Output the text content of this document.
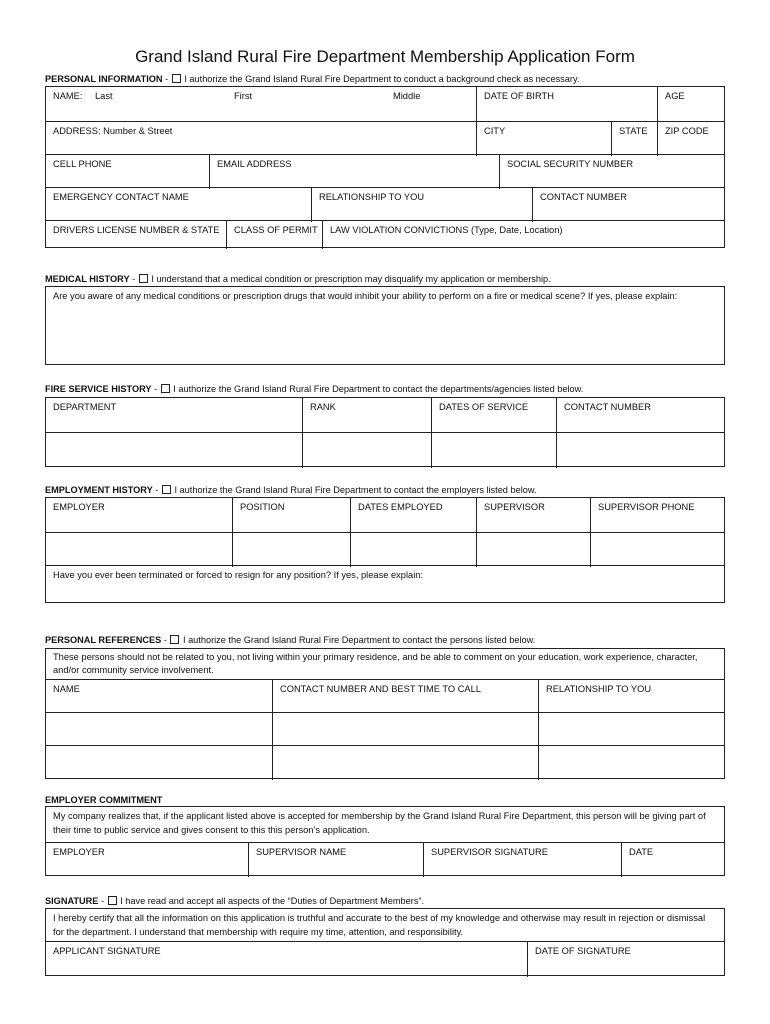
Grand Island Rural Fire Department Membership Application Form
PERSONAL INFORMATION -  I authorize the Grand Island Rural Fire Department to conduct a background check as necessary.
NAME: Last	First	Middle	DATE OF BIRTH	AGE
ADDRESS: Number & Street	CITY	STATE	ZIP CODE
CELL PHONE	EMAIL ADDRESS	SOCIAL SECURITY NUMBER
EMERGENCY CONTACT NAME	RELATIONSHIP TO YOU	CONTACT NUMBER
DRIVERS LICENSE NUMBER & STATE	CLASS OF PERMIT	LAW VIOLATION CONVICTIONS (Type, Date, Location)
MEDICAL HISTORY -  I understand that a medical condition or prescription may disqualify my application or membership.
Are you aware of any medical conditions or prescription drugs that would inhibit your ability to perform on a fire or medical scene? If yes, please explain:
FIRE SERVICE HISTORY -  I authorize the Grand Island Rural Fire Department to contact the departments/agencies listed below.
DEPARTMENT	RANK	DATES OF SERVICE	CONTACT NUMBER
EMPLOYMENT HISTORY -  I authorize the Grand Island Rural Fire Department to contact the employers listed below.
EMPLOYER	POSITION	DATES EMPLOYED	SUPERVISOR	SUPERVISOR PHONE
Have you ever been terminated or forced to resign for any position? If yes, please explain:
PERSONAL REFERENCES -  I authorize the Grand Island Rural Fire Department to contact the persons listed below.
These persons should not be related to you, not living within your primary residence, and be able to comment on your education, work experience, character, and/or community service involvement.
NAME	CONTACT NUMBER AND BEST TIME TO CALL	RELATIONSHIP TO YOU
EMPLOYER COMMITMENT
My company realizes that, if the applicant listed above is accepted for membership by the Grand Island Rural Fire Department, this person will be giving part of their time to public service and gives consent to this this person’s application.
EMPLOYER	SUPERVISOR NAME	SUPERVISOR SIGNATURE	DATE
SIGNATURE -  I have read and accept all aspects of the “Duties of Department Members”.
I hereby certify that all the information on this application is truthful and accurate to the best of my knowledge and otherwise may result in rejection or dismissal for the department. I understand that membership with require my time, attention, and responsibility.
APPLICANT SIGNATURE	DATE OF SIGNATURE
